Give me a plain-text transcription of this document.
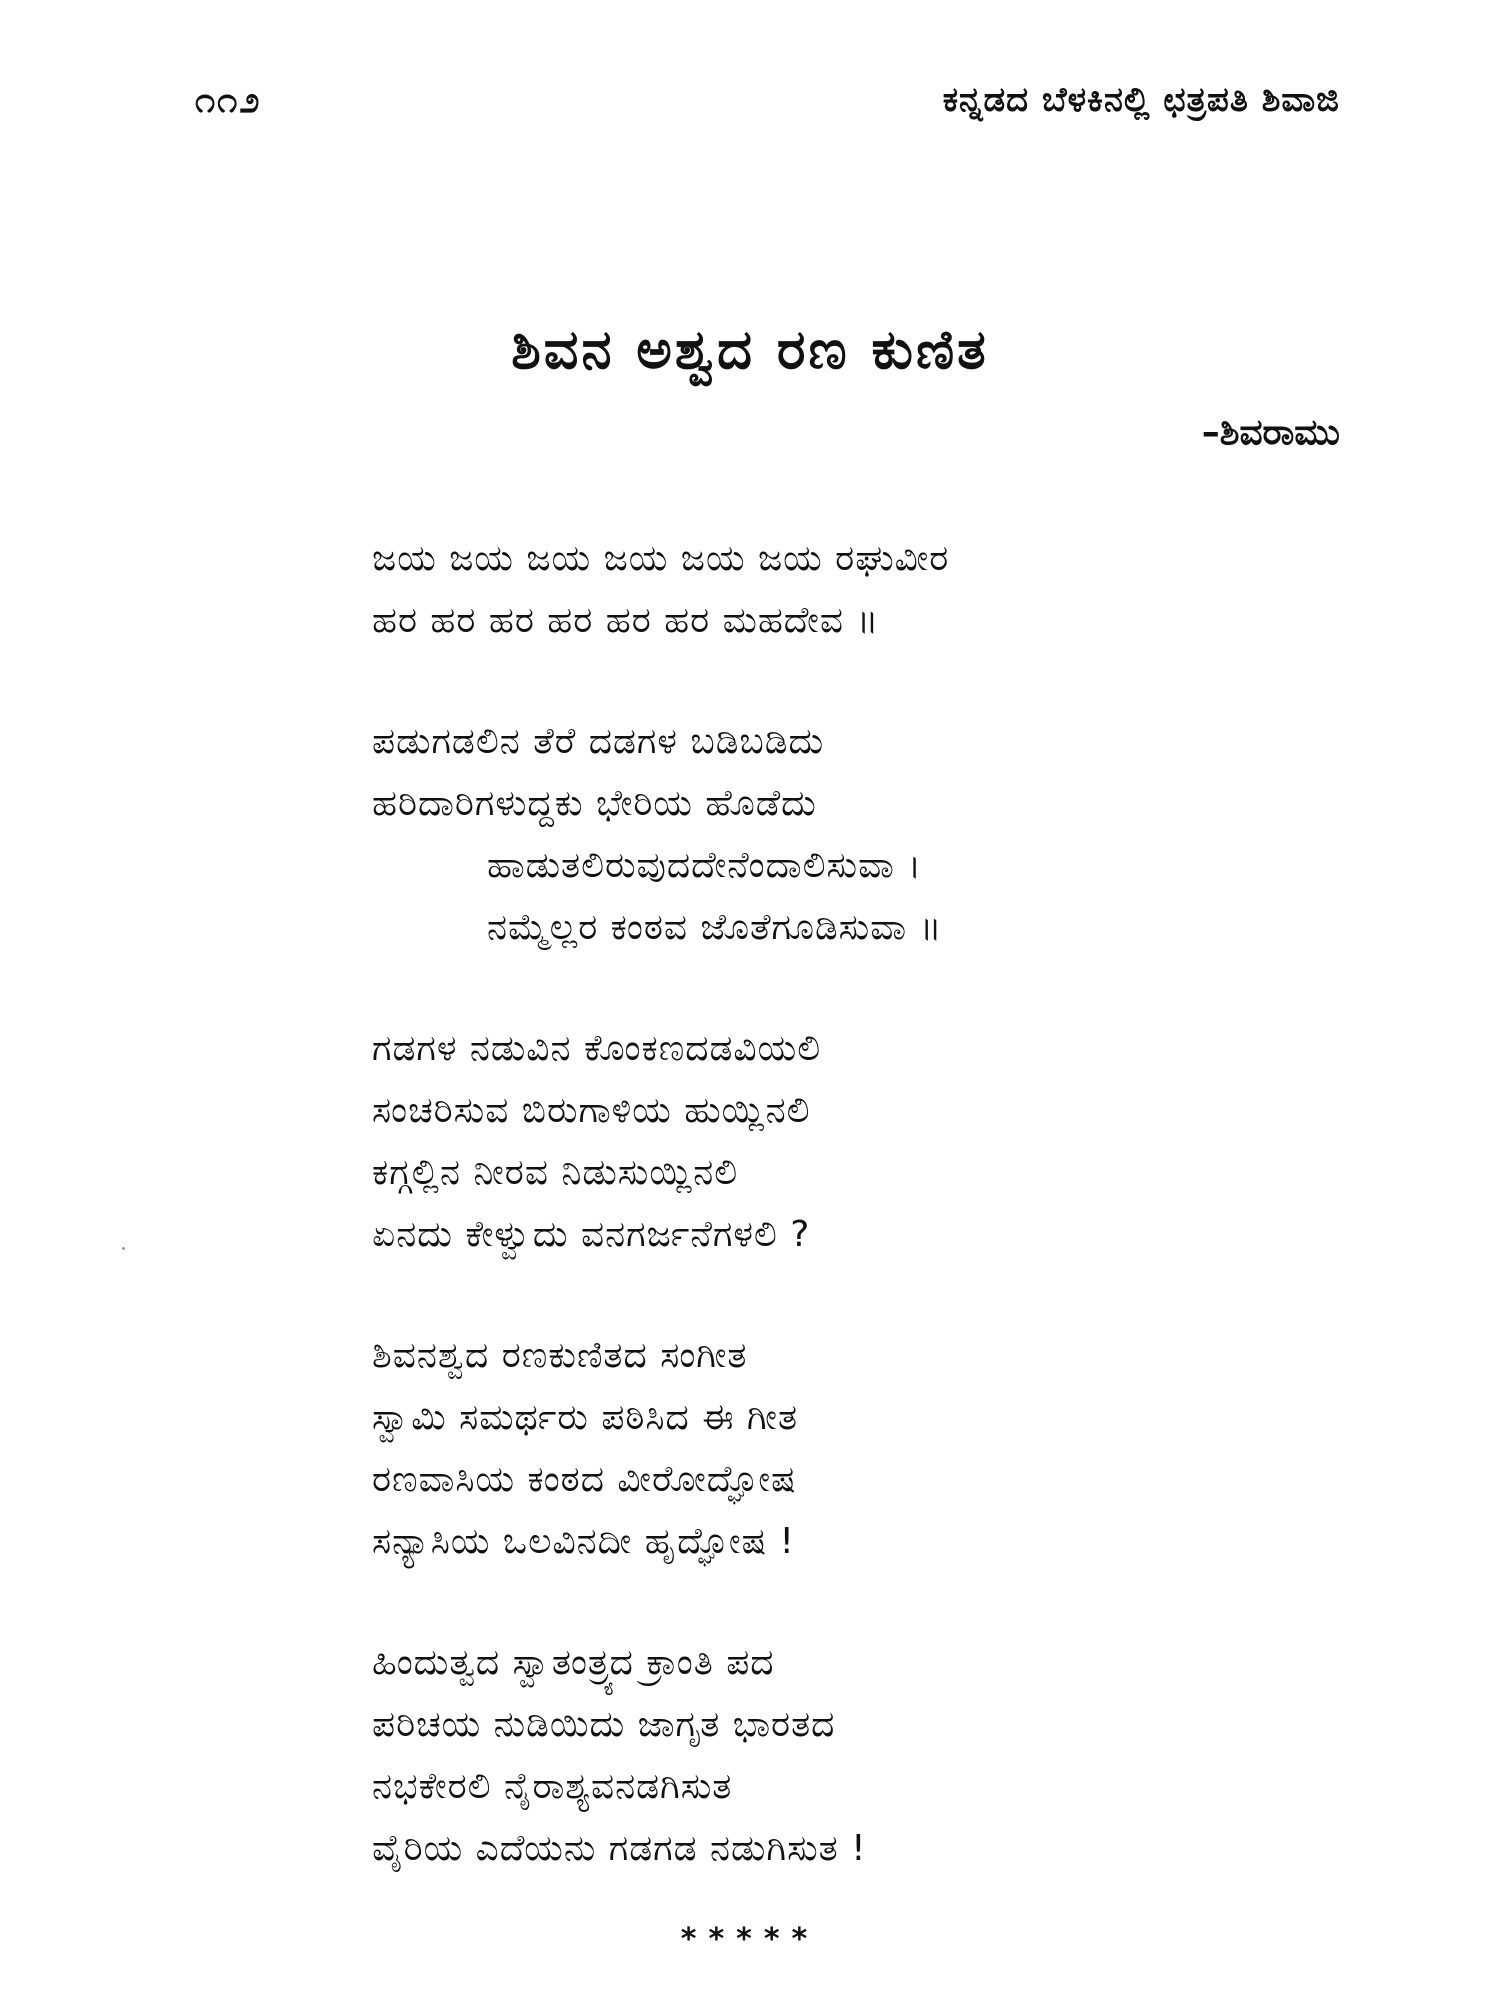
೧೧೨	ಕನ್ನಡದ ಬೆಳಕಿನಲ್ಲಿ ಛತ್ರಪತಿ ಶಿವಾಜಿ
ಶಿವನ ಅಶ್ವದ ರಣ ಕುಣಿತ
–ಶಿವರಾಮು
ಜಯ ಜಯ ಜಯ ಜಯ ಜಯ ಜಯ ರಘುವೀರ
ಹರ ಹರ ಹರ ಹರ ಹರ ಹರ ಮಹದೇವ ॥
ಪಡುಗಡಲಿನ ತೆರೆ ದಡಗಳ ಬಡಿಬಡಿದು
ಹರಿದಾರಿಗಳುದ್ದಕು ಭೇರಿಯ ಹೊಡೆದು
ಹಾಡುತಲಿರುವುದದೇನೆಂದಾಲಿಸುವಾ ।
ನಮ್ಮೆಲ್ಲರ ಕಂಠವ ಜೊತೆಗೂಡಿಸುವಾ ॥
ಗಡಗಳ ನಡುವಿನ ಕೊಂಕಣದಡವಿಯಲಿ
ಸಂಚರಿಸುವ ಬಿರುಗಾಳಿಯ ಹುಯ್ಲಿನಲಿ
ಕಗ್ಗಲ್ಲಿನ ನೀರವ ನಿಡುಸುಯ್ಲಿನಲಿ
ಏನದು ಕೇಳ್ವುದು ವನಗರ್ಜನೆಗಳಲಿ ?
ಶಿವನಶ್ವದ ರಣಕುಣಿತದ ಸಂಗೀತ
ಸ್ವಾಮಿ ಸಮರ್ಥರು ಪಠಿಸಿದ ಈ ಗೀತ
ರಣವಾಸಿಯ ಕಂಠದ ವೀರೋದ್ಘೋಷ
ಸನ್ಯಾಸಿಯ ಒಲವಿನದೀ ಹೃದ್ಘೋಷ !
ಹಿಂದುತ್ವದ ಸ್ವಾತಂತ್ರ್ಯದ ಕ್ರಾಂತಿ ಪದ
ಪರಿಚಯ ನುಡಿಯಿದು ಜಾಗೃತ ಭಾರತದ
ನಭಕೇರಲಿ ನೈರಾಶ್ಯವನಡಗಿಸುತ
ವೈರಿಯ ಎದೆಯನು ಗಡಗಡ ನಡುಗಿಸುತ !
*****
